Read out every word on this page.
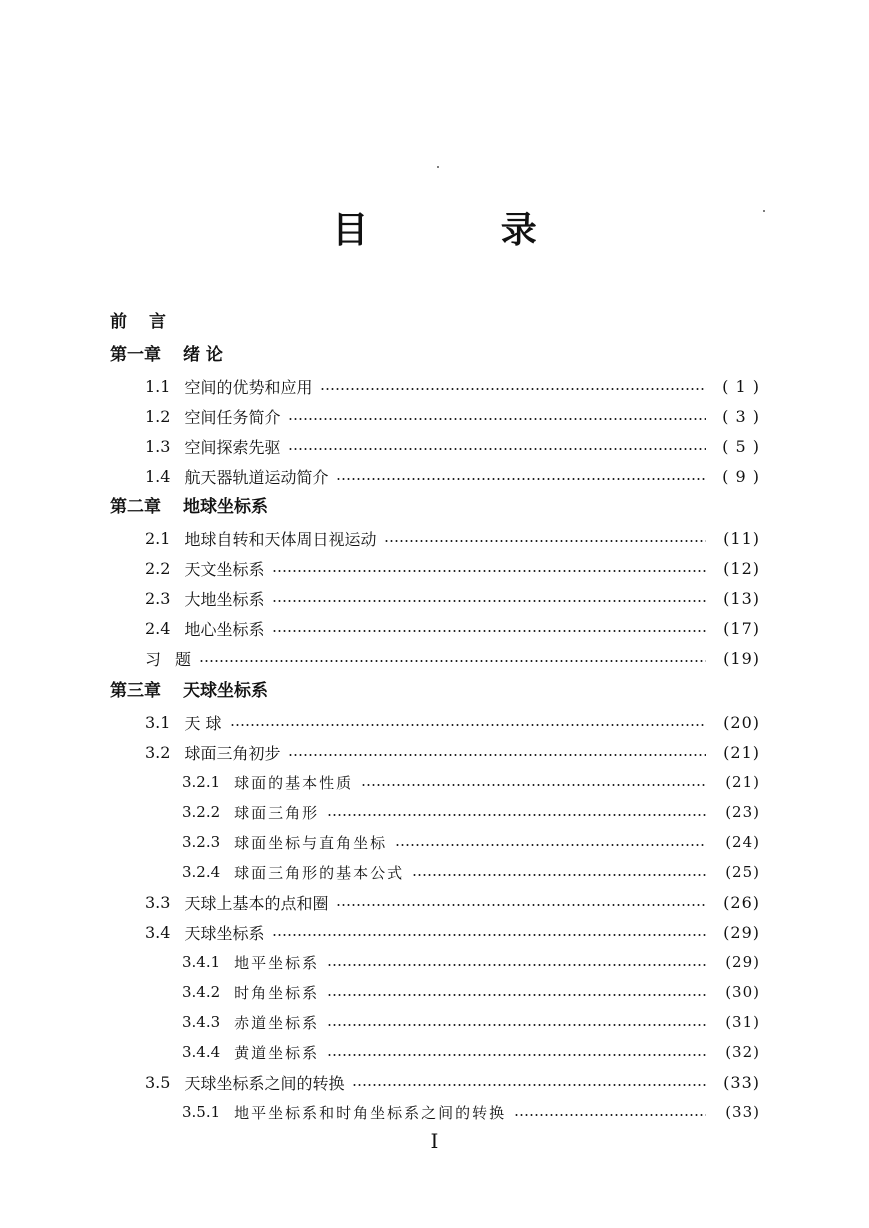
目 录
前 言
第一章 绪 论
1.1 空间的优势和应用	( 1 )
1.2 空间任务简介	( 3 )
1.3 空间探索先驱	( 5 )
1.4 航天器轨道运动简介	( 9 )
第二章 地球坐标系
2.1 地球自转和天体周日视运动	(11)
2.2 天文坐标系	(12)
2.3 大地坐标系	(13)
2.4 地心坐标系	(17)
习 题	(19)
第三章 天球坐标系
3.1 天 球	(20)
3.2 球面三角初步	(21)
3.2.1 球面的基本性质	(21)
3.2.2 球面三角形	(23)
3.2.3 球面坐标与直角坐标	(24)
3.2.4 球面三角形的基本公式	(25)
3.3 天球上基本的点和圈	(26)
3.4 天球坐标系	(29)
3.4.1 地平坐标系	(29)
3.4.2 时角坐标系	(30)
3.4.3 赤道坐标系	(31)
3.4.4 黄道坐标系	(32)
3.5 天球坐标系之间的转换	(33)
3.5.1 地平坐标系和时角坐标系之间的转换	(33)
I
